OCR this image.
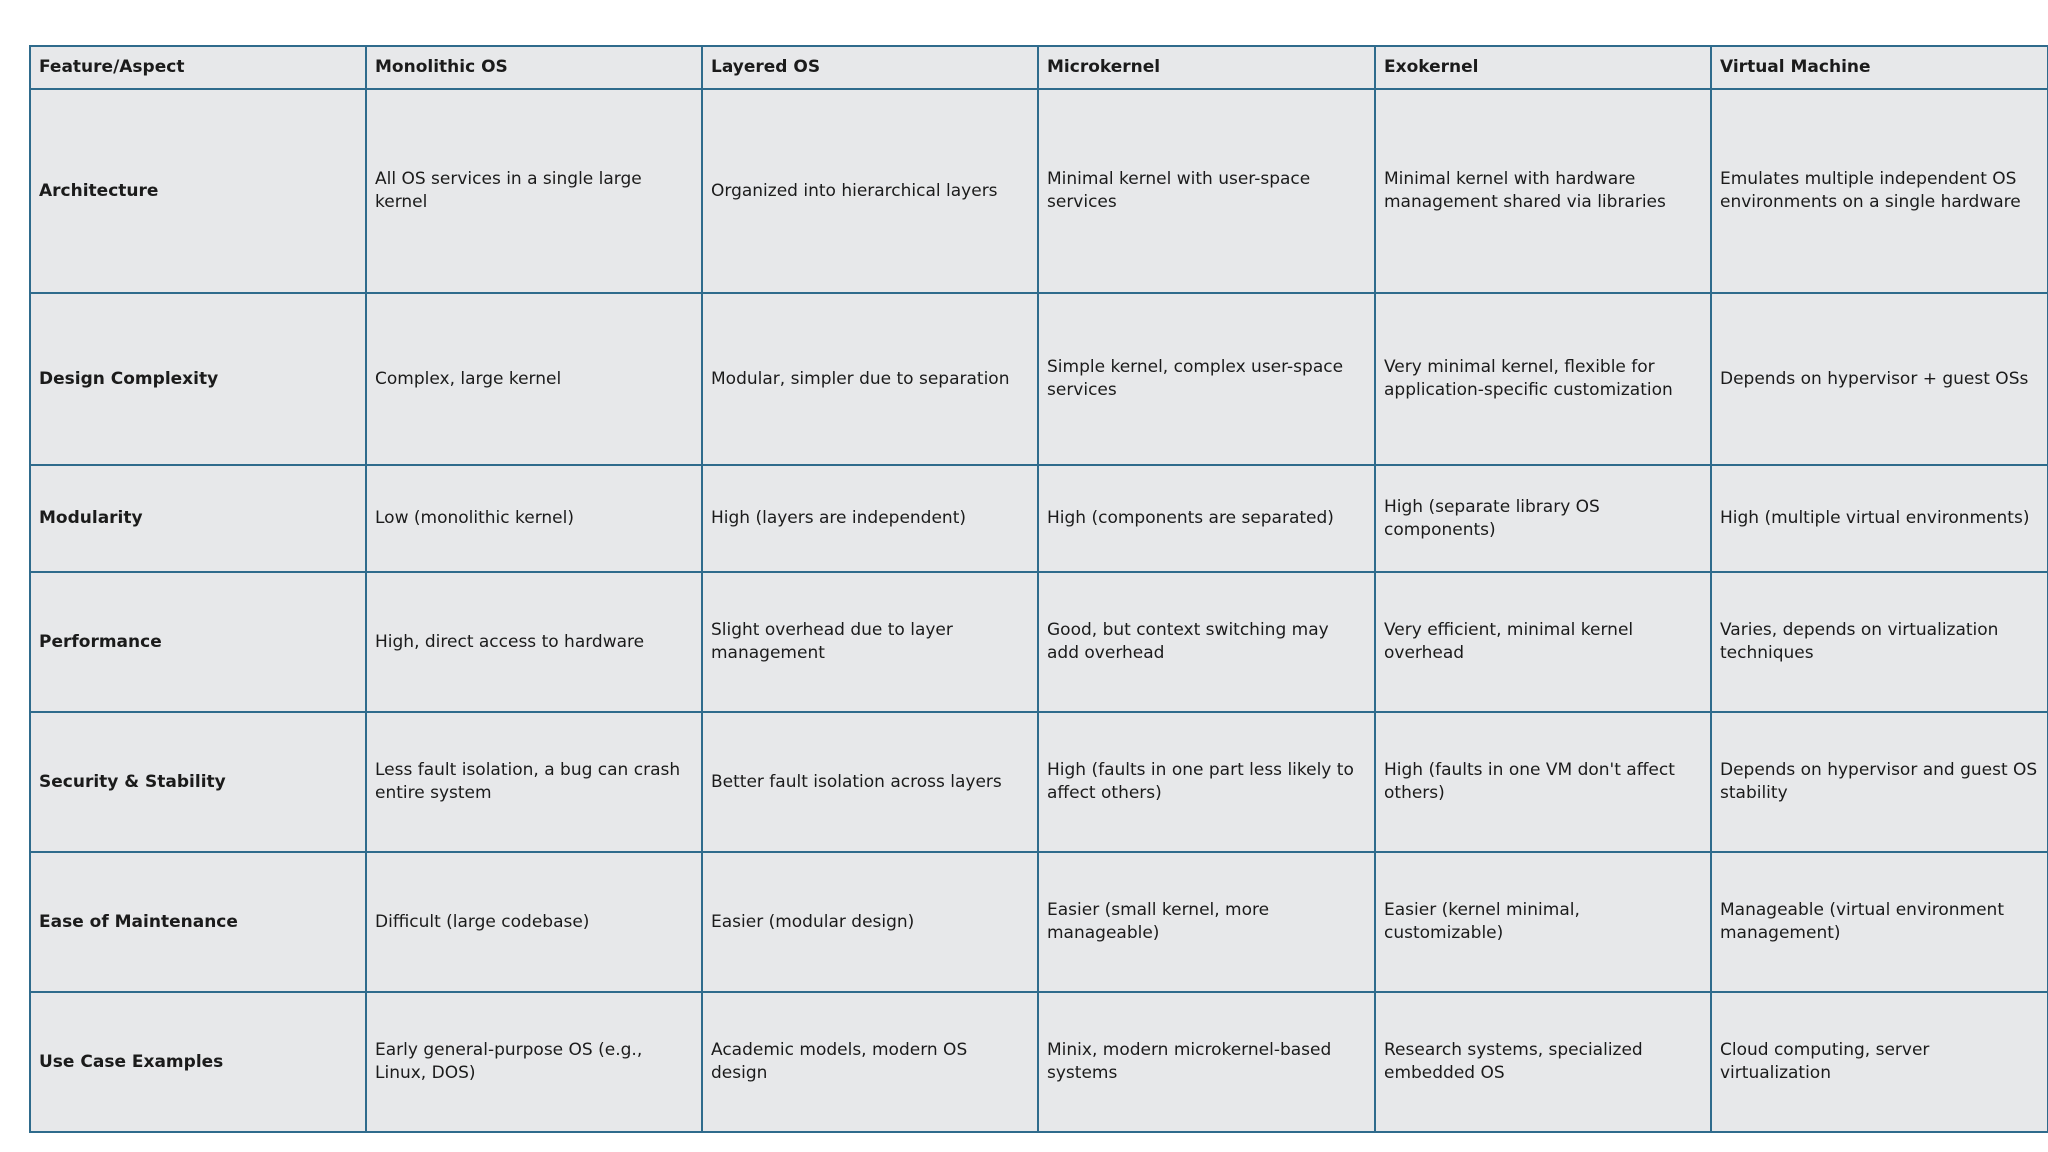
Feature/Aspect	Monolithic OS	Layered OS	Microkernel	Exokernel	Virtual Machine
Architecture	All OS services in a single large kernel	Organized into hierarchical layers	Minimal kernel with user-space services	Minimal kernel with hardware management shared via libraries	Emulates multiple independent OS environments on a single hardware
Design Complexity	Complex, large kernel	Modular, simpler due to separation	Simple kernel, complex user-space services	Very minimal kernel, flexible for application-specific customization	Depends on hypervisor + guest OSs
Modularity	Low (monolithic kernel)	High (layers are independent)	High (components are separated)	High (separate library OS components)	High (multiple virtual environments)
Performance	High, direct access to hardware	Slight overhead due to layer management	Good, but context switching may add overhead	Very efficient, minimal kernel overhead	Varies, depends on virtualization techniques
Security & Stability	Less fault isolation, a bug can crash entire system	Better fault isolation across layers	High (faults in one part less likely to affect others)	High (faults in one VM don't affect others)	Depends on hypervisor and guest OS stability
Ease of Maintenance	Difficult (large codebase)	Easier (modular design)	Easier (small kernel, more manageable)	Easier (kernel minimal, customizable)	Manageable (virtual environment management)
Use Case Examples	Early general-purpose OS (e.g., Linux, DOS)	Academic models, modern OS design	Minix, modern microkernel-based systems	Research systems, specialized embedded OS	Cloud computing, server virtualization
